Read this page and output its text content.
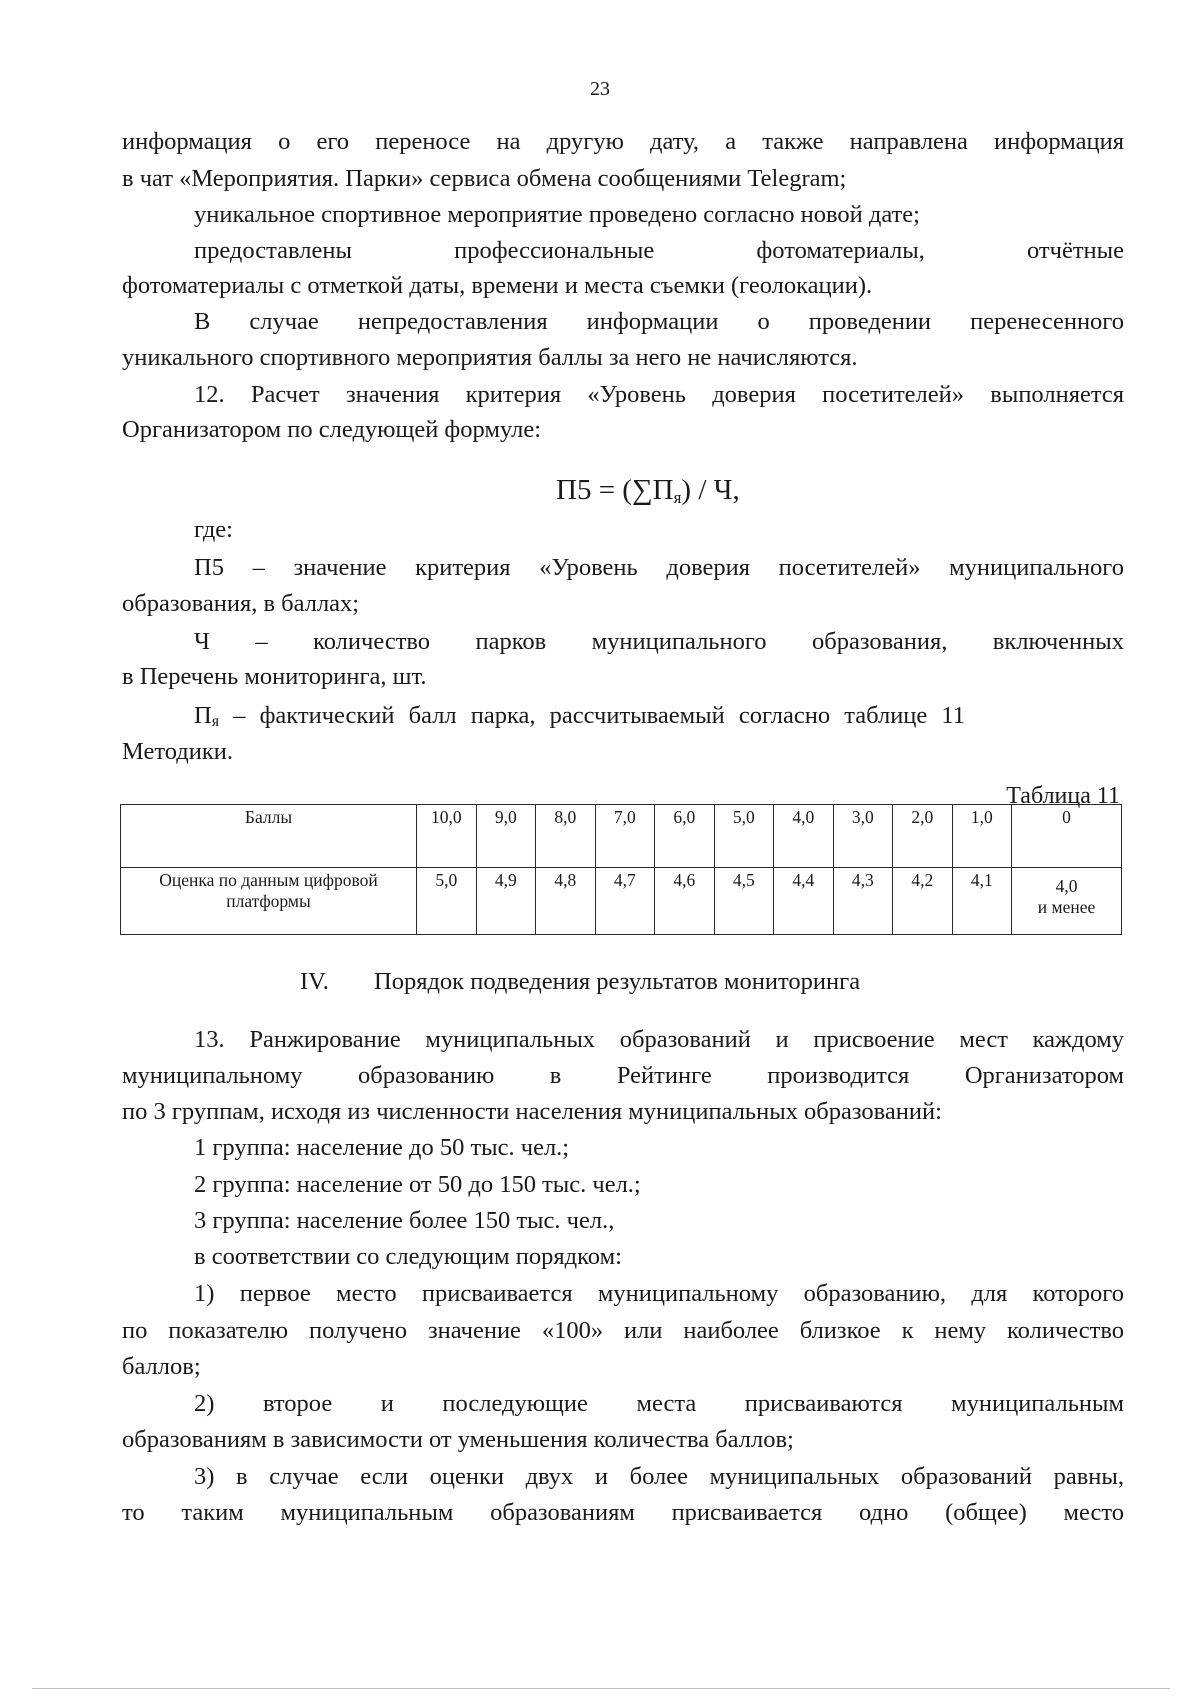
23
информация о его переносе на другую дату, а также направлена информация
в чат «Мероприятия. Парки» сервиса обмена сообщениями Telegram;
уникальное спортивное мероприятие проведено согласно новой дате;
предоставлены профессиональные фотоматериалы, отчётные
фотоматериалы с отметкой даты, времени и места съемки (геолокации).
В случае непредоставления информации о проведении перенесенного
уникального спортивного мероприятия баллы за него не начисляются.
12. Расчет значения критерия «Уровень доверия посетителей» выполняется
Организатором по следующей формуле:
$П5 = (\sum П_я) / Ч$,
где:
П5 – значение критерия «Уровень доверия посетителей» муниципального
образования, в баллах;
Ч – количество парков муниципального образования, включенных
в Перечень мониторинга, шт.
$П_я$ – фактический балл парка, рассчитываемый согласно таблице 11
Методики.
Таблица 11
Баллы	10,0	9,0	8,0	7,0	6,0	5,0	4,0	3,0	2,0	1,0	0
Оценка по данным цифровой платформы	5,0	4,9	4,8	4,7	4,6	4,5	4,4	4,3	4,2	4,1	4,0
и менее
IV. Порядок подведения результатов мониторинга
13. Ранжирование муниципальных образований и присвоение мест каждому
муниципальному образованию в Рейтинге производится Организатором
по 3 группам, исходя из численности населения муниципальных образований:
1 группа: население до 50 тыс. чел.;
2 группа: население от 50 до 150 тыс. чел.;
3 группа: население более 150 тыс. чел.,
в соответствии со следующим порядком:
1) первое место присваивается муниципальному образованию, для которого
по показателю получено значение «100» или наиболее близкое к нему количество
баллов;
2) второе и последующие места присваиваются муниципальным
образованиям в зависимости от уменьшения количества баллов;
3) в случае если оценки двух и более муниципальных образований равны,
то таким муниципальным образованиям присваивается одно (общее) место
